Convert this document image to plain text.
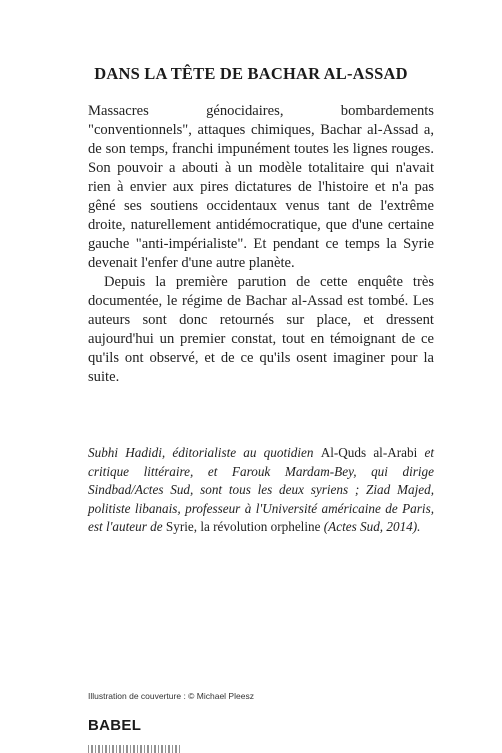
DANS LA TÊTE DE BACHAR AL-ASSAD

Massacres génocidaires, bombardements "conventionnels", attaques chimiques, Bachar al-Assad a, de son temps, franchi impunément toutes les lignes rouges. Son pouvoir a abouti à un modèle totalitaire qui n'avait rien à envier aux pires dictatures de l'histoire et n'a pas gêné ses soutiens occidentaux venus tant de l'extrême droite, naturellement antidémocratique, que d'une certaine gauche "anti-impérialiste". Et pendant ce temps la Syrie devenait l'enfer d'une autre planète.

Depuis la première parution de cette enquête très documentée, le régime de Bachar al-Assad est tombé. Les auteurs sont donc retournés sur place, et dressent aujourd'hui un premier constat, tout en témoignant de ce qu'ils ont observé, et de ce qu'ils osent imaginer pour la suite.

Subhi Hadidi, éditorialiste au quotidien Al-Quds al-Arabi et critique littéraire, et Farouk Mardam-Bey, qui dirige Sindbad/Actes Sud, sont tous les deux syriens ; Ziad Majed, politiste libanais, professeur à l'Université américaine de Paris, est l'auteur de Syrie, la révolution orpheline (Actes Sud, 2014).
Illustration de couverture : © Michael Pleesz
BABEL
